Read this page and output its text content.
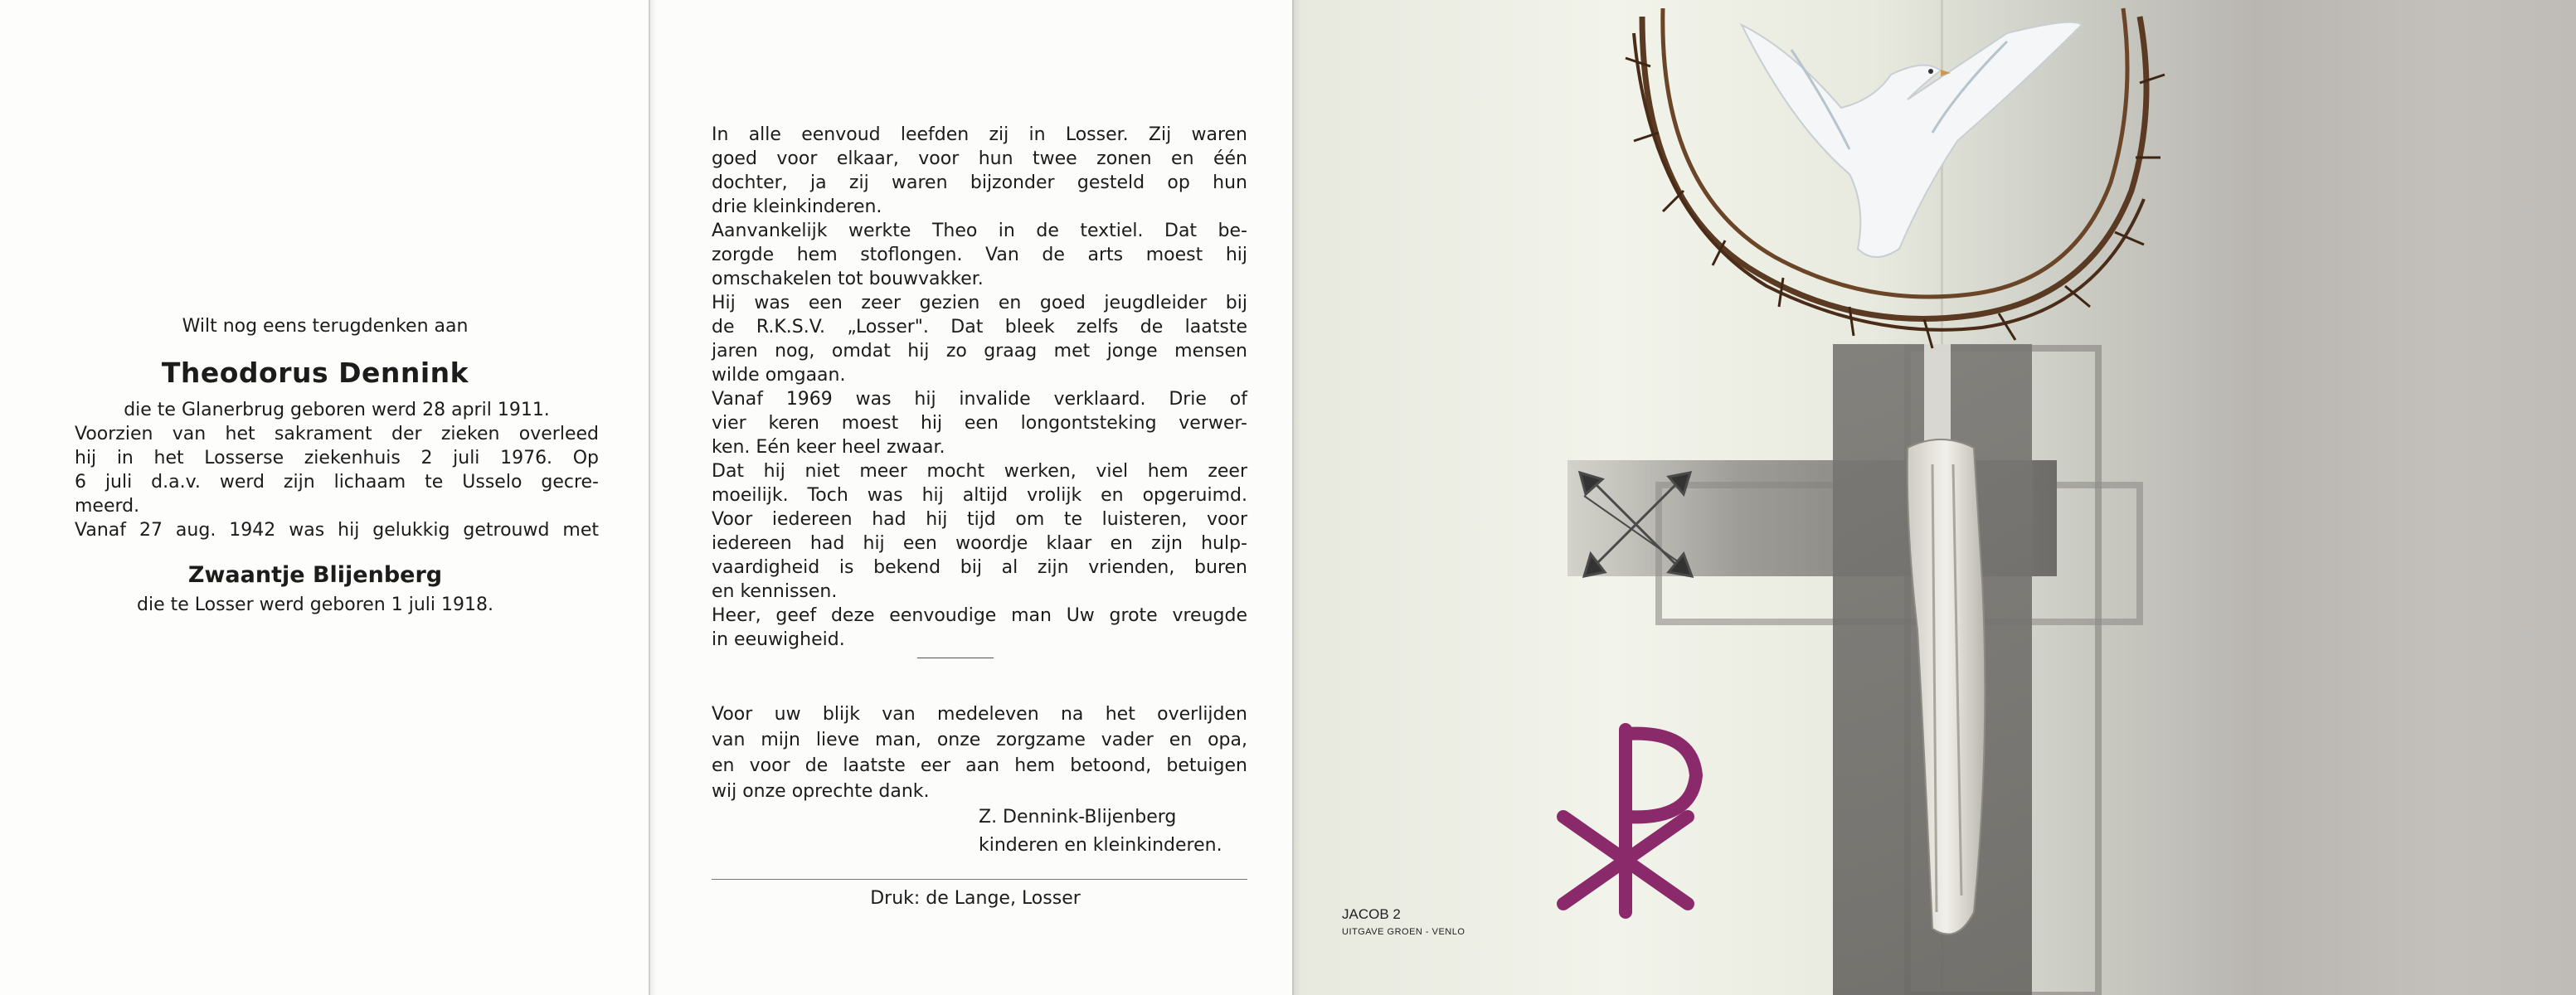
Wilt nog eens terugdenken aan
Theodorus Dennink

die te Glanerbrug geboren werd 28 april 1911.

Voorzien van het sakrament der zieken overleed

hij in het Losserse ziekenhuis 2 juli 1976. Op

6 juli d.a.v. werd zijn lichaam te Usselo gecre-

meerd.

Vanaf 27 aug. 1942 was hij gelukkig getrouwd met

Zwaantje Blijenberg
die te Losser werd geboren 1 juli 1918.

In alle eenvoud leefden zij in Losser. Zij waren

goed voor elkaar, voor hun twee zonen en één

dochter, ja zij waren bijzonder gesteld op hun

drie kleinkinderen.

Aanvankelijk werkte Theo in de textiel. Dat be-

zorgde hem stoflongen. Van de arts moest hij

omschakelen tot bouwvakker.

Hij was een zeer gezien en goed jeugdleider bij

de R.K.S.V. „Losser". Dat bleek zelfs de laatste

jaren nog, omdat hij zo graag met jonge mensen

wilde omgaan.

Vanaf 1969 was hij invalide verklaard. Drie of

vier keren moest hij een longontsteking verwer-

ken. Eén keer heel zwaar.

Dat hij niet meer mocht werken, viel hem zeer

moeilijk. Toch was hij altijd vrolijk en opgeruimd.

Voor iedereen had hij tijd om te luisteren, voor

iedereen had hij een woordje klaar en zijn hulp-

vaardigheid is bekend bij al zijn vrienden, buren

en kennissen.

Heer, geef deze eenvoudige man Uw grote vreugde

in eeuwigheid.

Voor uw blijk van medeleven na het overlijden

van mijn lieve man, onze zorgzame vader en opa,

en voor de laatste eer aan hem betoond, betuigen

wij onze oprechte dank.

Z. Dennink-Blijenberg
kinderen en kleinkinderen.
Druk: de Lange, Losser
JACOB 2
UITGAVE GROEN - VENLO
